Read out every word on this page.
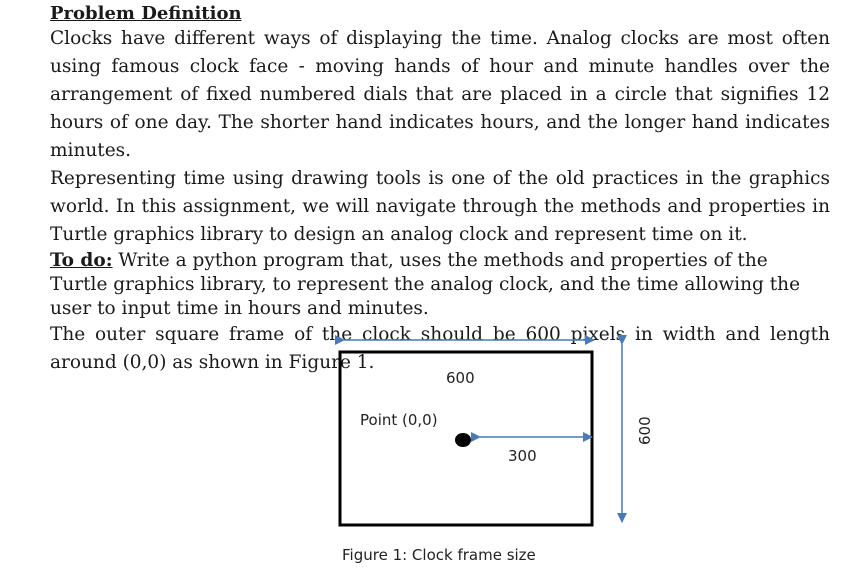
Problem Definition

Clocks have different ways of displaying the time. Analog clocks are most often using famous clock face - moving hands of hour and minute handles over the arrangement of fixed numbered dials that are placed in a circle that signifies 12 hours of one day. The shorter hand indicates hours, and the longer hand indicates minutes.

Representing time using drawing tools is one of the old practices in the graphics world. In this assignment, we will navigate through the methods and properties in Turtle graphics library to design an analog clock and represent time on it.

To do: Write a python program that, uses the methods and properties of the Turtle graphics library, to represent the analog clock, and the time allowing the user to input time in hours and minutes.

The outer square frame of the clock should be 600 pixels in width and length around (0,0) as shown in Figure 1.

600
Point (0,0)
300
600
Figure 1: Clock frame size
